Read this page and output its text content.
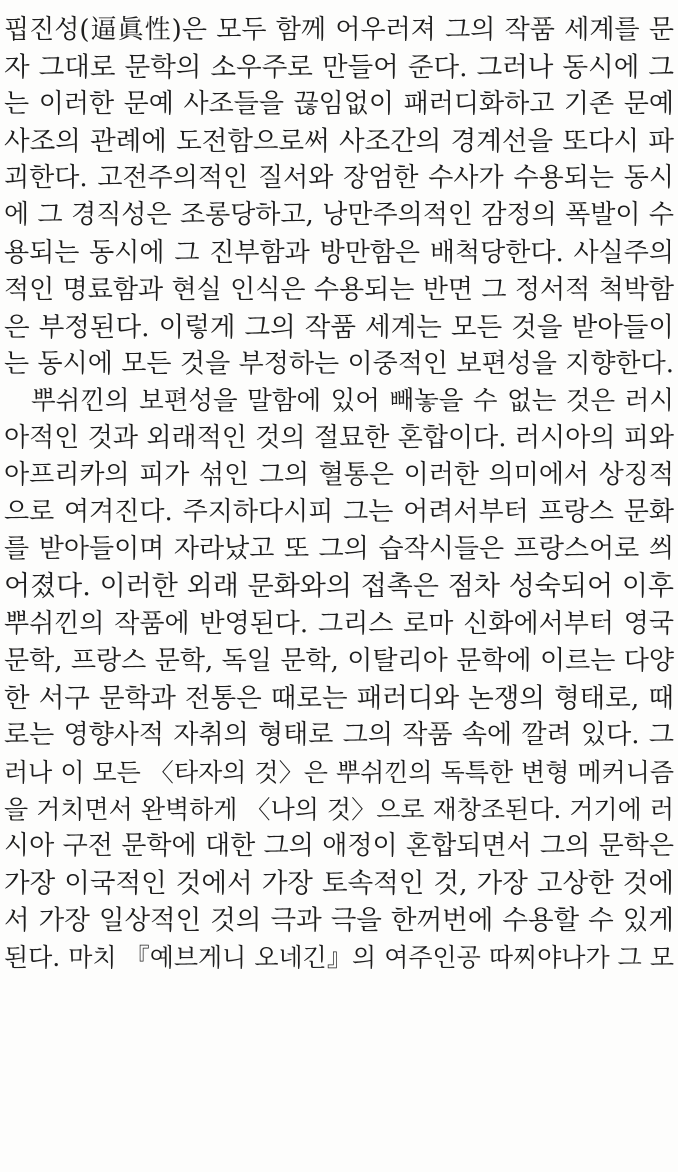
핍진성(逼眞性)은 모두 함께 어우러져 그의 작품 세계를 문
자 그대로 문학의 소우주로 만들어 준다. 그러나 동시에 그
는 이러한 문예 사조들을 끊임없이 패러디화하고 기존 문예
사조의 관례에 도전함으로써 사조간의 경계선을 또다시 파
괴한다. 고전주의적인 질서와 장엄한 수사가 수용되는 동시
에 그 경직성은 조롱당하고, 낭만주의적인 감정의 폭발이 수
용되는 동시에 그 진부함과 방만함은 배척당한다. 사실주의
적인 명료함과 현실 인식은 수용되는 반면 그 정서적 척박함
은 부정된다. 이렇게 그의 작품 세계는 모든 것을 받아들이
는 동시에 모든 것을 부정하는 이중적인 보편성을 지향한다.
뿌쉬낀의 보편성을 말함에 있어 빼놓을 수 없는 것은 러시
아적인 것과 외래적인 것의 절묘한 혼합이다. 러시아의 피와
아프리카의 피가 섞인 그의 혈통은 이러한 의미에서 상징적
으로 여겨진다. 주지하다시피 그는 어려서부터 프랑스 문화
를 받아들이며 자라났고 또 그의 습작시들은 프랑스어로 씌
어졌다. 이러한 외래 문화와의 접촉은 점차 성숙되어 이후
뿌쉬낀의 작품에 반영된다. 그리스 로마 신화에서부터 영국
문학, 프랑스 문학, 독일 문학, 이탈리아 문학에 이르는 다양
한 서구 문학과 전통은 때로는 패러디와 논쟁의 형태로, 때
로는 영향사적 자취의 형태로 그의 작품 속에 깔려 있다. 그
러나 이 모든 〈타자의 것〉은 뿌쉬낀의 독특한 변형 메커니즘
을 거치면서 완벽하게 〈나의 것〉으로 재창조된다. 거기에 러
시아 구전 문학에 대한 그의 애정이 혼합되면서 그의 문학은
가장 이국적인 것에서 가장 토속적인 것, 가장 고상한 것에
서 가장 일상적인 것의 극과 극을 한꺼번에 수용할 수 있게
된다. 마치 『예브게니 오네긴』의 여주인공 따찌야나가 그 모
